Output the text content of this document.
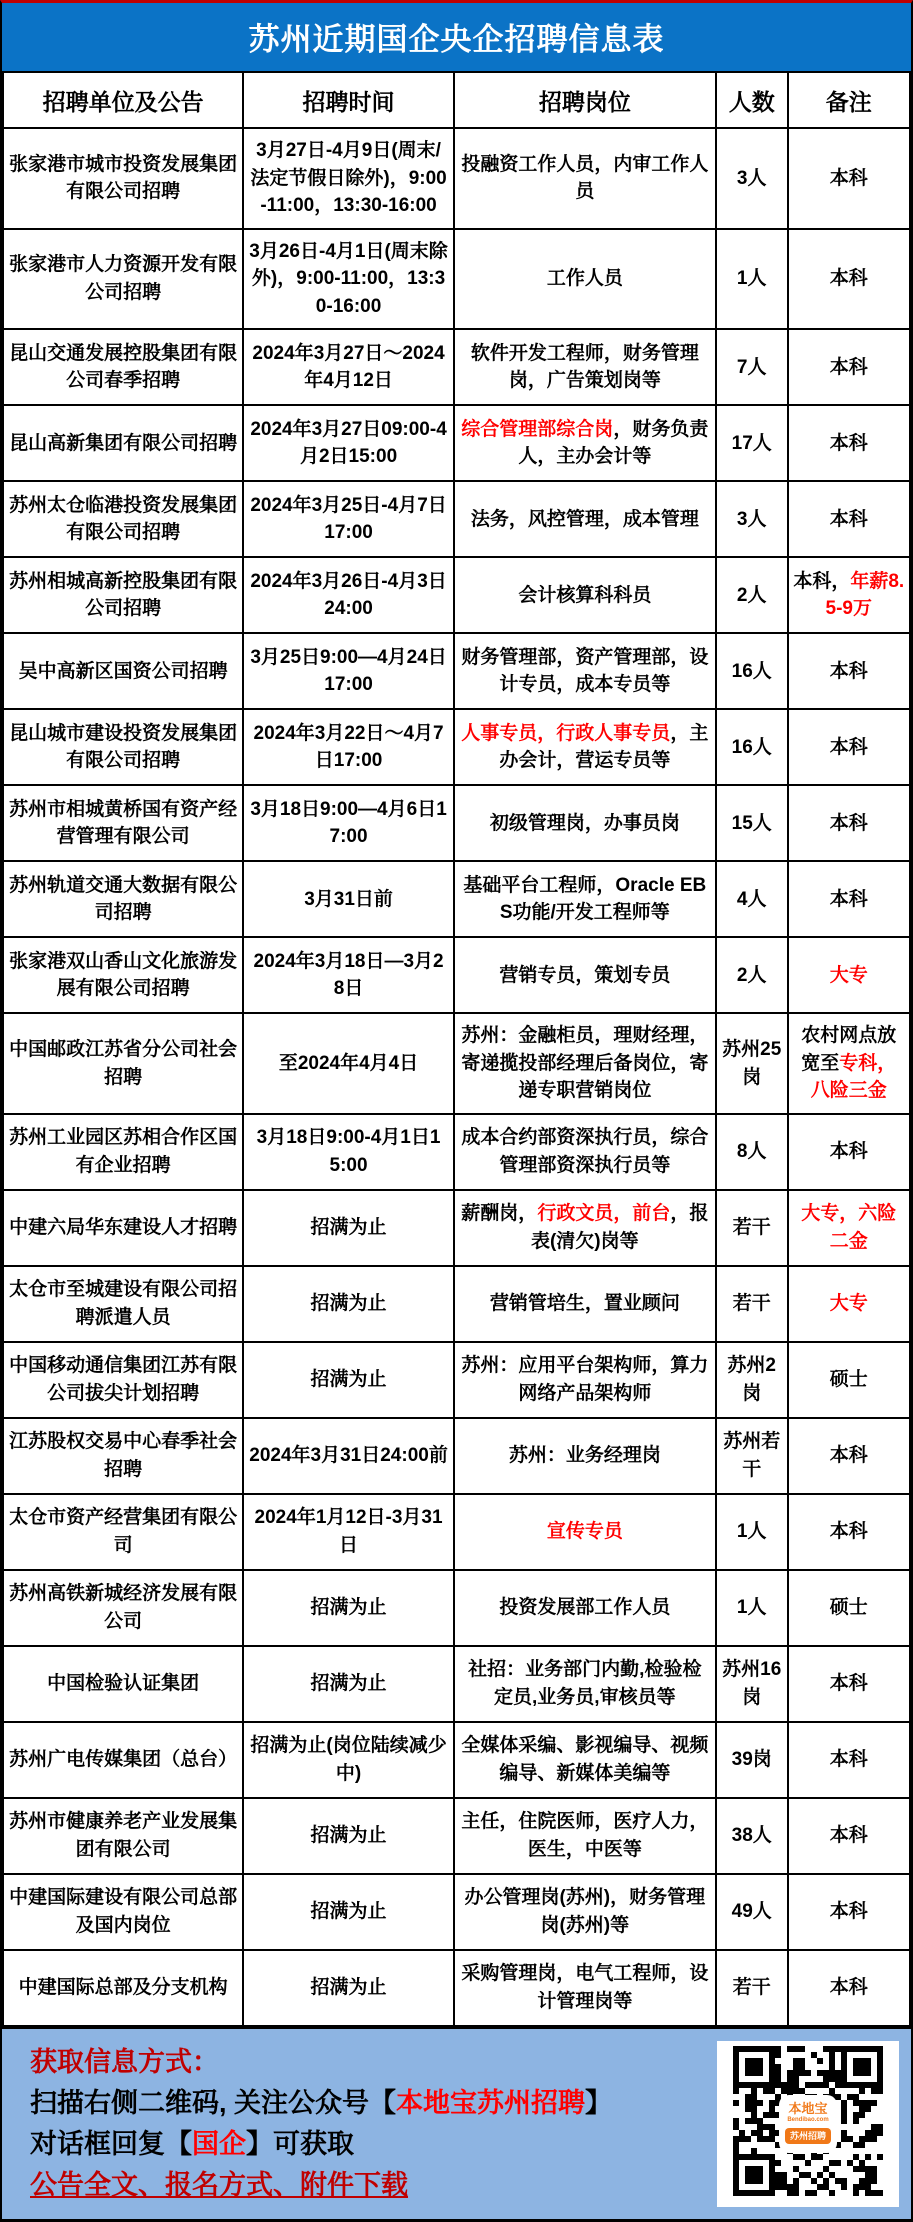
苏州近期国企央企招聘信息表
招聘单位及公告	招聘时间	招聘岗位	人数	备注
张家港市城市投资发展集团有限公司招聘	3月27日-4月9日(周末/法定节假日除外)，9:00-11:00，13:30-16:00	投融资工作人员，内审工作人员	3人	本科
张家港市人力资源开发有限公司招聘	3月26日-4月1日(周末除外)，9:00-11:00，13:30-16:00	工作人员	1人	本科
昆山交通发展控股集团有限公司春季招聘	2024年3月27日～2024年4月12日	软件开发工程师，财务管理岗，广告策划岗等	7人	本科
昆山高新集团有限公司招聘	2024年3月27日09:00-4月2日15:00	综合管理部综合岗，财务负责人，主办会计等	17人	本科
苏州太仓临港投资发展集团有限公司招聘	2024年3月25日-4月7日17:00	法务，风控管理，成本管理	3人	本科
苏州相城高新控股集团有限公司招聘	2024年3月26日-4月3日24:00	会计核算科科员	2人	本科，年薪8.5-9万
吴中高新区国资公司招聘	3月25日9:00—4月24日17:00	财务管理部，资产管理部，设计专员，成本专员等	16人	本科
昆山城市建设投资发展集团有限公司招聘	2024年3月22日～4月7日17:00	人事专员，行政人事专员，主办会计，营运专员等	16人	本科
苏州市相城黄桥国有资产经营管理有限公司	3月18日9:00—4月6日17:00	初级管理岗，办事员岗	15人	本科
苏州轨道交通大数据有限公司招聘	3月31日前	基础平台工程师，Oracle EBS功能/开发工程师等	4人	本科
张家港双山香山文化旅游发展有限公司招聘	2024年3月18日—3月28日	营销专员，策划专员	2人	大专
中国邮政江苏省分公司社会招聘	至2024年4月4日	苏州：金融柜员，理财经理，寄递揽投部经理后备岗位，寄递专职营销岗位	苏州25岗	农村网点放宽至专科，八险三金
苏州工业园区苏相合作区国有企业招聘	3月18日9:00-4月1日15:00	成本合约部资深执行员，综合管理部资深执行员等	8人	本科
中建六局华东建设人才招聘	招满为止	薪酬岗，行政文员，前台，报表(清欠)岗等	若干	大专，六险二金
太仓市至城建设有限公司招聘派遣人员	招满为止	营销管培生，置业顾问	若干	大专
中国移动通信集团江苏有限公司拔尖计划招聘	招满为止	苏州：应用平台架构师，算力网络产品架构师	苏州2岗	硕士
江苏股权交易中心春季社会招聘	2024年3月31日24:00前	苏州：业务经理岗	苏州若干	本科
太仓市资产经营集团有限公司	2024年1月12日-3月31日	宣传专员	1人	本科
苏州高铁新城经济发展有限公司	招满为止	投资发展部工作人员	1人	硕士
中国检验认证集团	招满为止	社招：业务部门内勤,检验检定员,业务员,审核员等	苏州16岗	本科
苏州广电传媒集团（总台）	招满为止(岗位陆续减少中)	全媒体采编、影视编导、视频编导、新媒体美编等	39岗	本科
苏州市健康养老产业发展集团有限公司	招满为止	主任，住院医师，医疗人力，医生，中医等	38人	本科
中建国际建设有限公司总部及国内岗位	招满为止	办公管理岗(苏州)，财务管理岗(苏州)等	49人	本科
中建国际总部及分支机构	招满为止	采购管理岗，电气工程师，设计管理岗等	若干	本科
获取信息方式：
扫描右侧二维码, 关注公众号【本地宝苏州招聘】
对话框回复【国企】可获取
公告全文、报名方式、附件下载
本地宝
Bendibao.com
苏州招聘
